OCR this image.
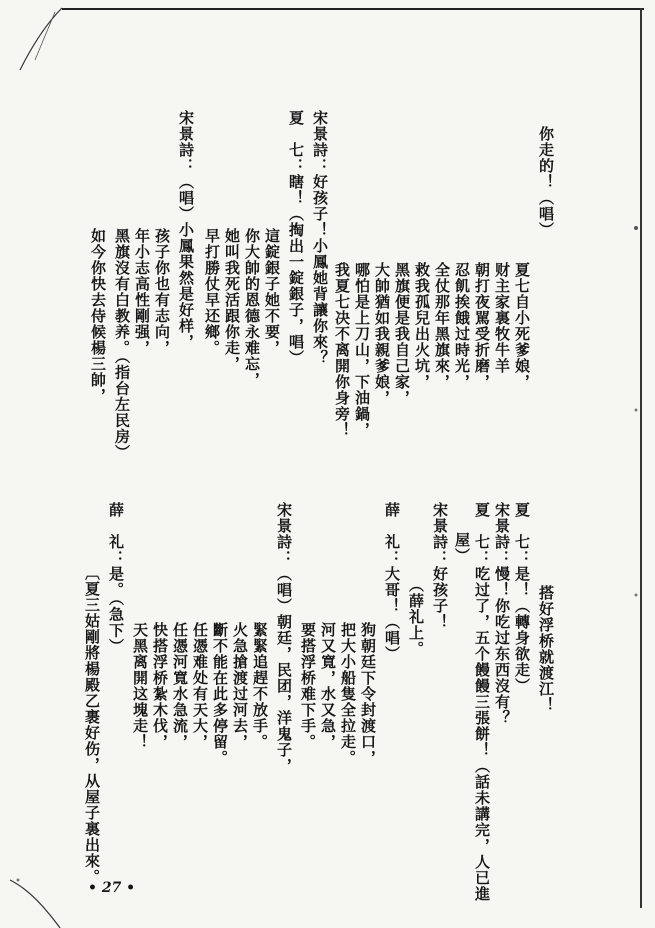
你走的！（唱）
夏七自小死爹娘，
财主家裏牧牛羊
朝打夜駡受折磨，
忍飢挨餓过時光，
全仗那年黑旗來，
救我孤兒出火坑，
黑旗便是我自己家，
大帥猶如我親爹娘，
哪怕是上刀山，下油鍋，
我夏七决不离開你身旁！
宋景詩：好孩子！小鳳她背讓你來？
夏　七：瞎！（掏出一錠銀子，唱）
這錠銀子她不要，
你大帥的恩德永难忘，
她叫我死活跟你走，
早打勝仗早还鄉。
宋景詩：（唱）小鳳果然是好样，
孩子你也有志向，
年小志高性剛强，
黑旗沒有白教养。（指台左民房）
如今你快去侍候楊三帥，
搭好浮桥就渡江！
夏　七：是！（轉身欲走）
宋景詩：慢！你吃过东西沒有？
夏　七：吃过了，五个饅饅三張餅！（話未講完，人已進
屋）
宋景詩：好孩子！
（薛礼上。
薛　礼：大哥！（唱）
狗朝廷下令封渡口，
把大小船隻全拉走。
河又寬，水又急，
要搭浮桥难下手。
宋景詩：（唱）朝廷，民团，洋鬼子，
緊緊追趕不放手。
火急搶渡过河去，
斷不能在此多停留。
任憑难处有天大，
任憑河寬水急流，
快搭浮桥紮木伐，
天黑离開这塊走！
薛　礼：是。（急下）
〔夏三姑剛將楊殿乙裹好伤，从屋子裏出來。
• 27 •
